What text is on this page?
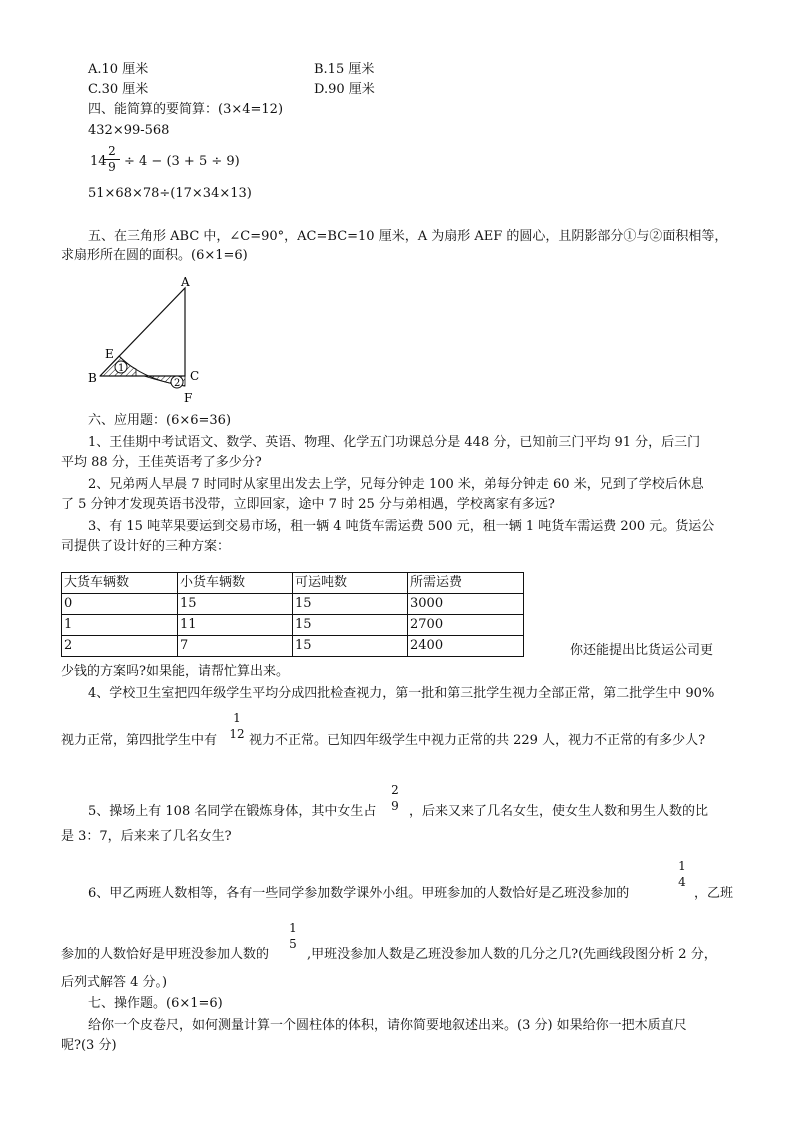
A.10 厘米	B.15 厘米
C.30 厘米	D.90 厘米
四、能简算的要简算：(3×4=12)
432×99-568
14
2
9 ÷ 4 − (3 + 5 ÷ 9)
51×68×78÷(17×34×13)
五、在三角形 ABC 中，∠C=90°，AC=BC=10 厘米，A 为扇形 AEF 的圆心，且阴影部分①与②面积相等，
求扇形所在圆的面积。(6×1=6)
1
2
A
E
B	C
F
六、应用题：(6×6=36)
1、王佳期中考试语文、数学、英语、物理、化学五门功课总分是 448 分，已知前三门平均 91 分，后三门
平均 88 分，王佳英语考了多少分?
2、兄弟两人早晨 7 时同时从家里出发去上学，兄每分钟走 100 米，弟每分钟走 60 米，兄到了学校后休息
了 5 分钟才发现英语书没带，立即回家，途中 7 时 25 分与弟相遇，学校离家有多远?
3、有 15 吨苹果要运到交易市场，租一辆 4 吨货车需运费 500 元，租一辆 1 吨货车需运费 200 元。货运公
司提供了设计好的三种方案：
大货车辆数	小货车辆数	可运吨数	所需运费
0	15	15	3000
1	11	15	2700
2	7	15	2400	你还能提出比货运公司更
少钱的方案吗?如果能，请帮忙算出来。
4、学校卫生室把四年级学生平均分成四批检查视力，第一批和第三批学生视力全部正常，第二批学生中 90%
视力正常，第四批学生中有
1
12 视力不正常。已知四年级学生中视力正常的共 229 人，视力不正常的有多少人?
5、操场上有 108 名同学在锻炼身体，其中女生占
2
9 ，后来又来了几名女生，使女生人数和男生人数的比
是 3：7，后来来了几名女生?
6、甲乙两班人数相等，各有一些同学参加数学课外小组。甲班参加的人数恰好是乙班没参加的
1
4
，乙班
参加的人数恰好是甲班没参加人数的
1
5
,甲班没参加人数是乙班没参加人数的几分之几?(先画线段图分析 2 分，
后列式解答 4 分。)
七、操作题。(6×1=6)
给你一个皮卷尺，如何测量计算一个圆柱体的体积，请你简要地叙述出来。(3 分) 如果给你一把木质直尺
呢?(3 分)
